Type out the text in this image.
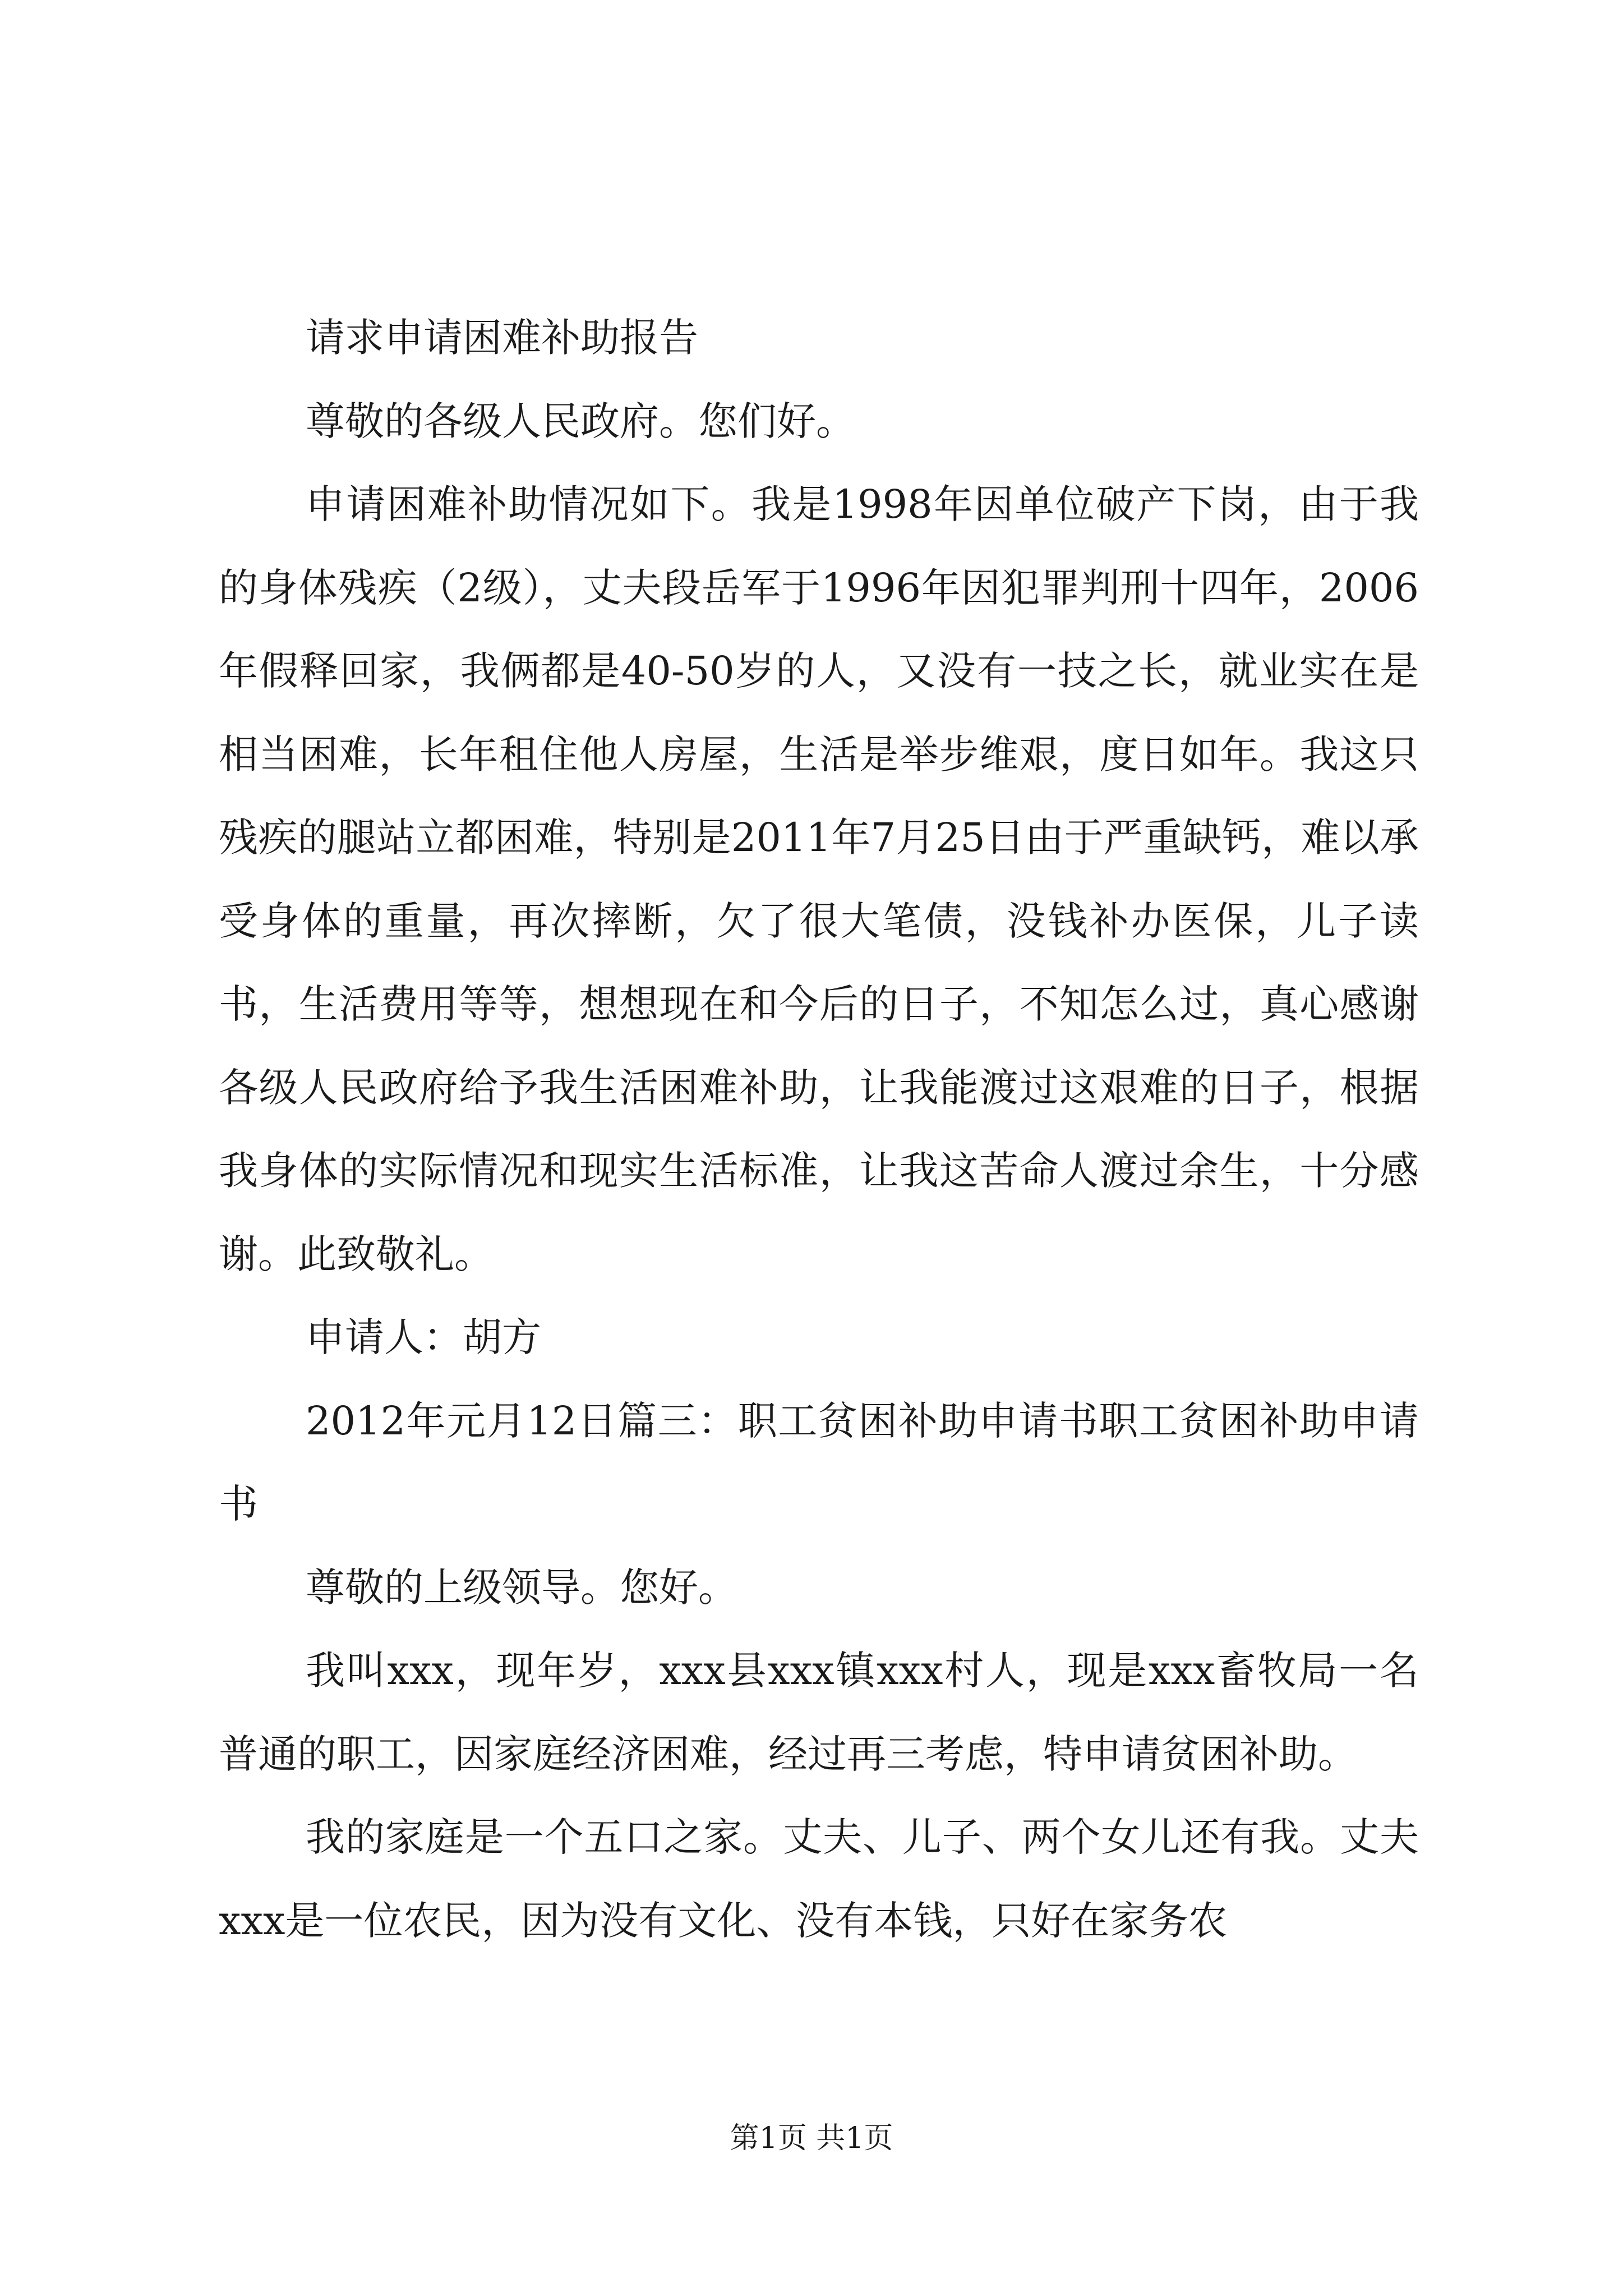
请求申请困难补助报告

尊敬的各级人民政府。您们好。

申请困难补助情况如下。我是1998年因单位破产下岗，由于我的身体残疾（2级），丈夫段岳军于1996年因犯罪判刑十四年，2006年假释回家，我俩都是40-50岁的人，又没有一技之长，就业实在是相当困难，长年租住他人房屋，生活是举步维艰，度日如年。我这只残疾的腿站立都困难，特别是2011年7月25日由于严重缺钙，难以承受身体的重量，再次摔断，欠了很大笔债，没钱补办医保，儿子读书，生活费用等等，想想现在和今后的日子，不知怎么过，真心感谢各级人民政府给予我生活困难补助，让我能渡过这艰难的日子，根据我身体的实际情况和现实生活标准，让我这苦命人渡过余生，十分感谢。此致敬礼。

申请人：胡方

2012年元月12日篇三：职工贫困补助申请书职工贫困补助申请书

尊敬的上级领导。您好。

我叫xxx，现年岁，xxx县xxx镇xxx村人，现是xxx畜牧局一名普通的职工，因家庭经济困难，经过再三考虑，特申请贫困补助。

我的家庭是一个五口之家。丈夫、儿子、两个女儿还有我。丈夫xxx是一位农民，因为没有文化、没有本钱，只好在家务农

第1页 共1页
